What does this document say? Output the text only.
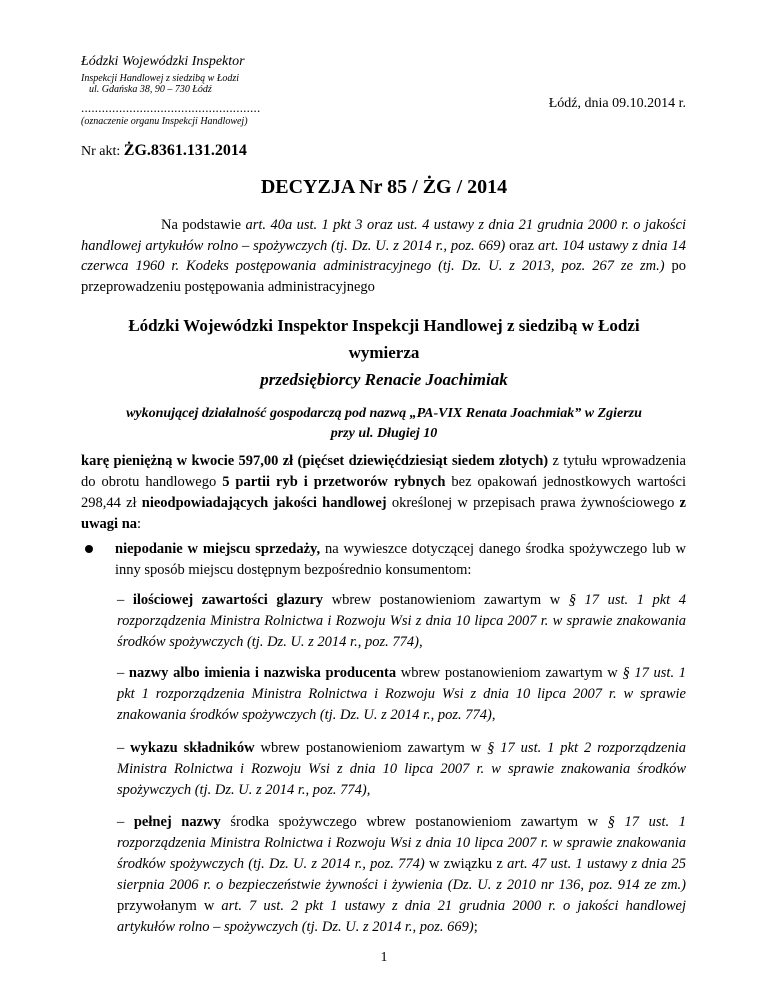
Łódzki Wojewódzki Inspektor
Inspekcji Handlowej z siedzibą w Łodzi
ul. Gdańska 38, 90 – 730 Łódź
....................................................
(oznaczenie organu Inspekcji Handlowej)
Łódź, dnia 09.10.2014 r.
Nr akt: ŻG.8361.131.2014
DECYZJA Nr 85 / ŻG / 2014
Na podstawie art. 40a ust. 1 pkt 3 oraz ust. 4 ustawy z dnia 21 grudnia 2000 r. o jakości handlowej artykułów rolno – spożywczych (tj. Dz. U. z 2014 r., poz. 669) oraz art. 104 ustawy z dnia 14 czerwca 1960 r. Kodeks postępowania administracyjnego (tj. Dz. U. z 2013, poz. 267 ze zm.) po przeprowadzeniu postępowania administracyjnego
Łódzki Wojewódzki Inspektor Inspekcji Handlowej z siedzibą w Łodzi
wymierza
przedsiębiorcy Renacie Joachimiak
wykonującej działalność gospodarczą pod nazwą „PA-VIX Renata Joachmiak” w Zgierzu
przy ul. Długiej 10
karę pieniężną w kwocie 597,00 zł (pięćset dziewięćdziesiąt siedem złotych) z tytułu wprowadzenia do obrotu handlowego 5 partii ryb i przetworów rybnych bez opakowań jednostkowych wartości 298,44 zł nieodpowiadających jakości handlowej określonej w przepisach prawa żywnościowego z uwagi na:
niepodanie w miejscu sprzedaży, na wywieszce dotyczącej danego środka spożywczego lub w inny sposób miejscu dostępnym bezpośrednio konsumentom:
– ilościowej zawartości glazury wbrew postanowieniom zawartym w § 17 ust. 1 pkt 4 rozporządzenia Ministra Rolnictwa i Rozwoju Wsi z dnia 10 lipca 2007 r. w sprawie znakowania środków spożywczych (tj. Dz. U. z 2014 r., poz. 774),
– nazwy albo imienia i nazwiska producenta wbrew postanowieniom zawartym w § 17 ust. 1 pkt 1 rozporządzenia Ministra Rolnictwa i Rozwoju Wsi z dnia 10 lipca 2007 r. w sprawie znakowania środków spożywczych (tj. Dz. U. z 2014 r., poz. 774),
– wykazu składników wbrew postanowieniom zawartym w § 17 ust. 1 pkt 2 rozporządzenia Ministra Rolnictwa i Rozwoju Wsi z dnia 10 lipca 2007 r. w sprawie znakowania środków spożywczych (tj. Dz. U. z 2014 r., poz. 774),
– pełnej nazwy środka spożywczego wbrew postanowieniom zawartym w § 17 ust. 1 rozporządzenia Ministra Rolnictwa i Rozwoju Wsi z dnia 10 lipca 2007 r. w sprawie znakowania środków spożywczych (tj. Dz. U. z 2014 r., poz. 774) w związku z art. 47 ust. 1 ustawy z dnia 25 sierpnia 2006 r. o bezpieczeństwie żywności i żywienia (Dz. U. z 2010 nr 136, poz. 914 ze zm.) przywołanym w art. 7 ust. 2 pkt 1 ustawy z dnia 21 grudnia 2000 r. o jakości handlowej artykułów rolno – spożywczych (tj. Dz. U. z 2014 r., poz. 669);
1
